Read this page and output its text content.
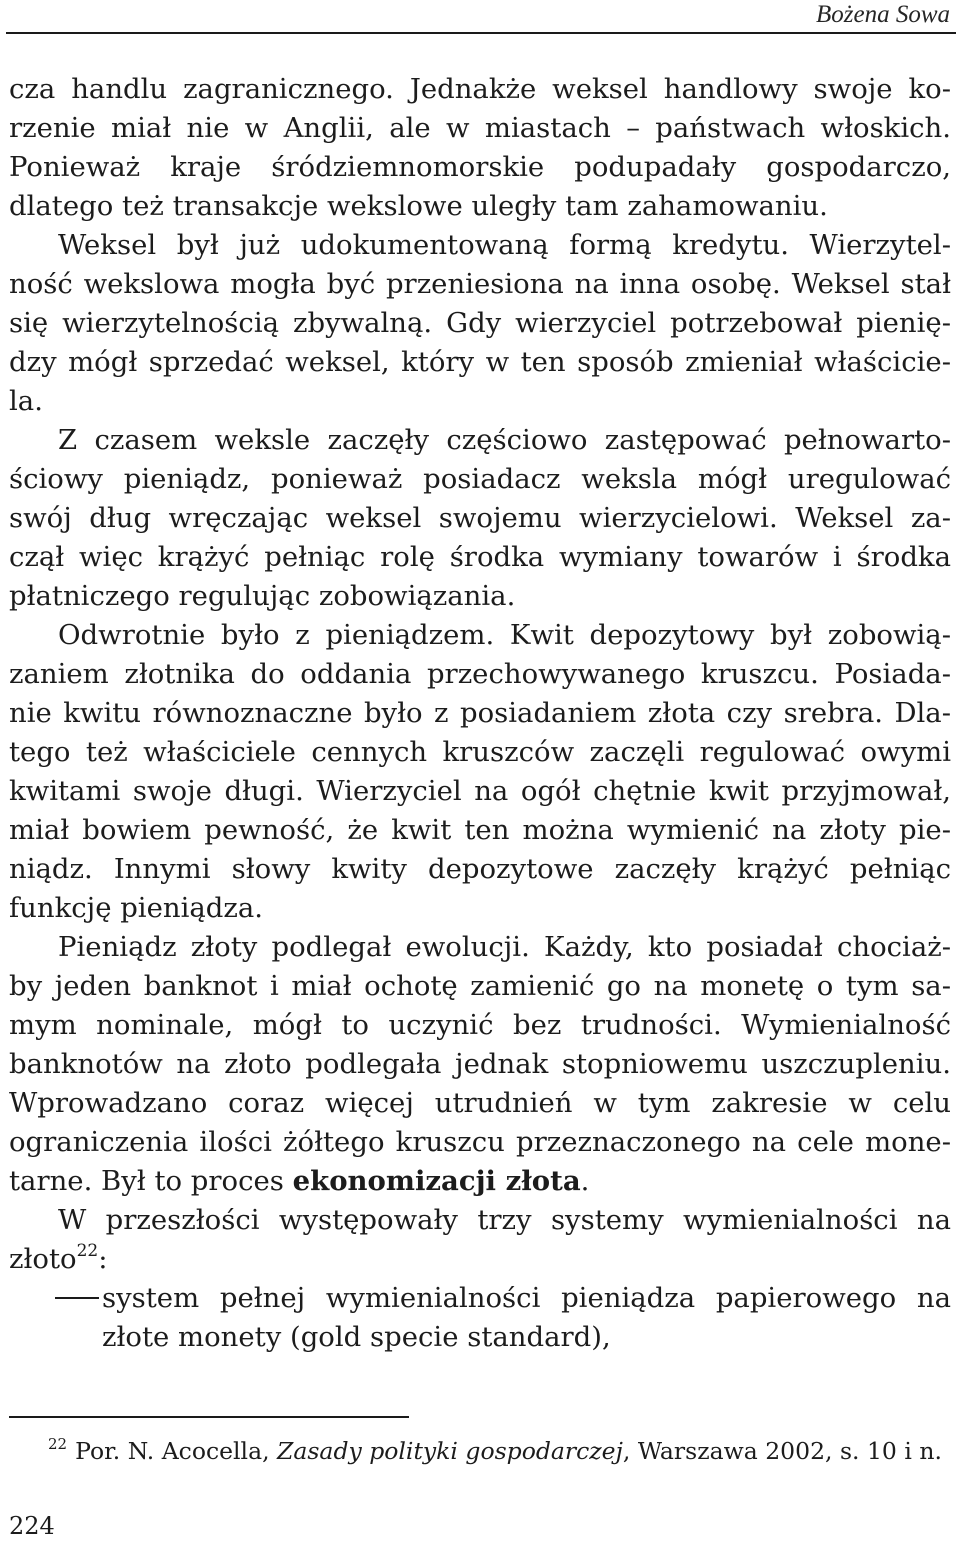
Bożena Sowa
cza handlu zagranicznego. Jednakże weksel handlowy swoje ko-
rzenie miał nie w Anglii, ale w miastach – państwach włoskich.
Ponieważ kraje śródziemnomorskie podupadały gospodarczo,
dlatego też transakcje wekslowe uległy tam zahamowaniu.
Weksel był już udokumentowaną formą kredytu. Wierzytel-
ność wekslowa mogła być przeniesiona na inna osobę. Weksel stał
się wierzytelnością zbywalną. Gdy wierzyciel potrzebował pienię-
dzy mógł sprzedać weksel, który w ten sposób zmieniał właścicie-
la.
Z czasem weksle zaczęły częściowo zastępować pełnowarto-
ściowy pieniądz, ponieważ posiadacz weksla mógł uregulować
swój dług wręczając weksel swojemu wierzycielowi. Weksel za-
czął więc krążyć pełniąc rolę środka wymiany towarów i środka
płatniczego regulując zobowiązania.
Odwrotnie było z pieniądzem. Kwit depozytowy był zobowią-
zaniem złotnika do oddania przechowywanego kruszcu. Posiada-
nie kwitu równoznaczne było z posiadaniem złota czy srebra. Dla-
tego też właściciele cennych kruszców zaczęli regulować owymi
kwitami swoje długi. Wierzyciel na ogół chętnie kwit przyjmował,
miał bowiem pewność, że kwit ten można wymienić na złoty pie-
niądz. Innymi słowy kwity depozytowe zaczęły krążyć pełniąc
funkcję pieniądza.
Pieniądz złoty podlegał ewolucji. Każdy, kto posiadał chociaż-
by jeden banknot i miał ochotę zamienić go na monetę o tym sa-
mym nominale, mógł to uczynić bez trudności. Wymienialność
banknotów na złoto podlegała jednak stopniowemu uszczupleniu.
Wprowadzano coraz więcej utrudnień w tym zakresie w celu
ograniczenia ilości żółtego kruszcu przeznaczonego na cele mone-
tarne. Był to proces ekonomizacji złota.
W przeszłości występowały trzy systemy wymienialności na
złoto$^{22}$:
system pełnej wymienialności pieniądza papierowego na
złote monety (gold specie standard),
$^{22}$ Por. N. Acocella, Zasady polityki gospodarczej, Warszawa 2002, s. 10 i n.
224
